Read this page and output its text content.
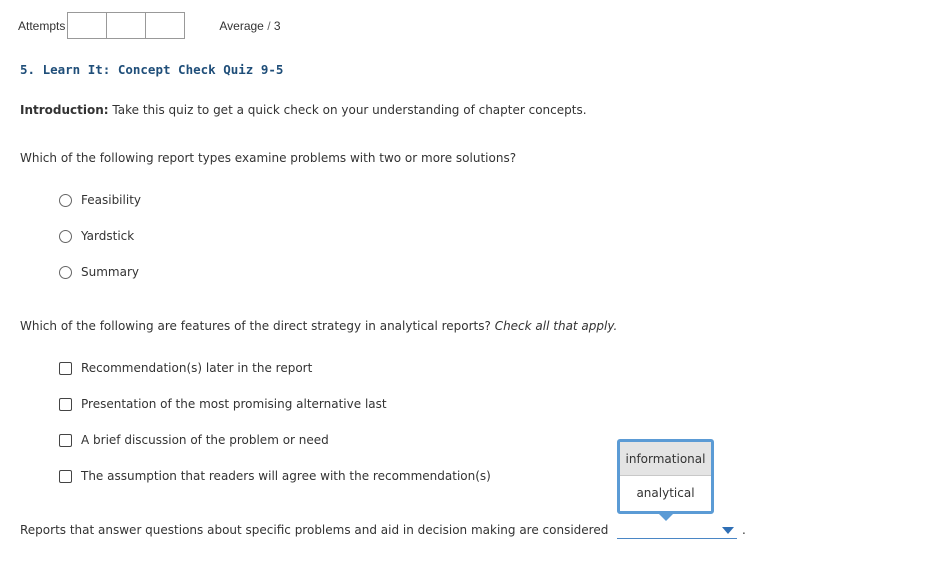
Attempts	Average / 3
5. Learn It: Concept Check Quiz 9-5
Introduction: Take this quiz to get a quick check on your understanding of chapter concepts.
Which of the following report types examine problems with two or more solutions?
Feasibility
Yardstick
Summary
Which of the following are features of the direct strategy in analytical reports? Check all that apply.
Recommendation(s) later in the report
Presentation of the most promising alternative last
A brief discussion of the problem or need
The assumption that readers will agree with the recommendation(s)
Reports that answer questions about specific problems and aid in decision making are considered	.
informational
analytical
